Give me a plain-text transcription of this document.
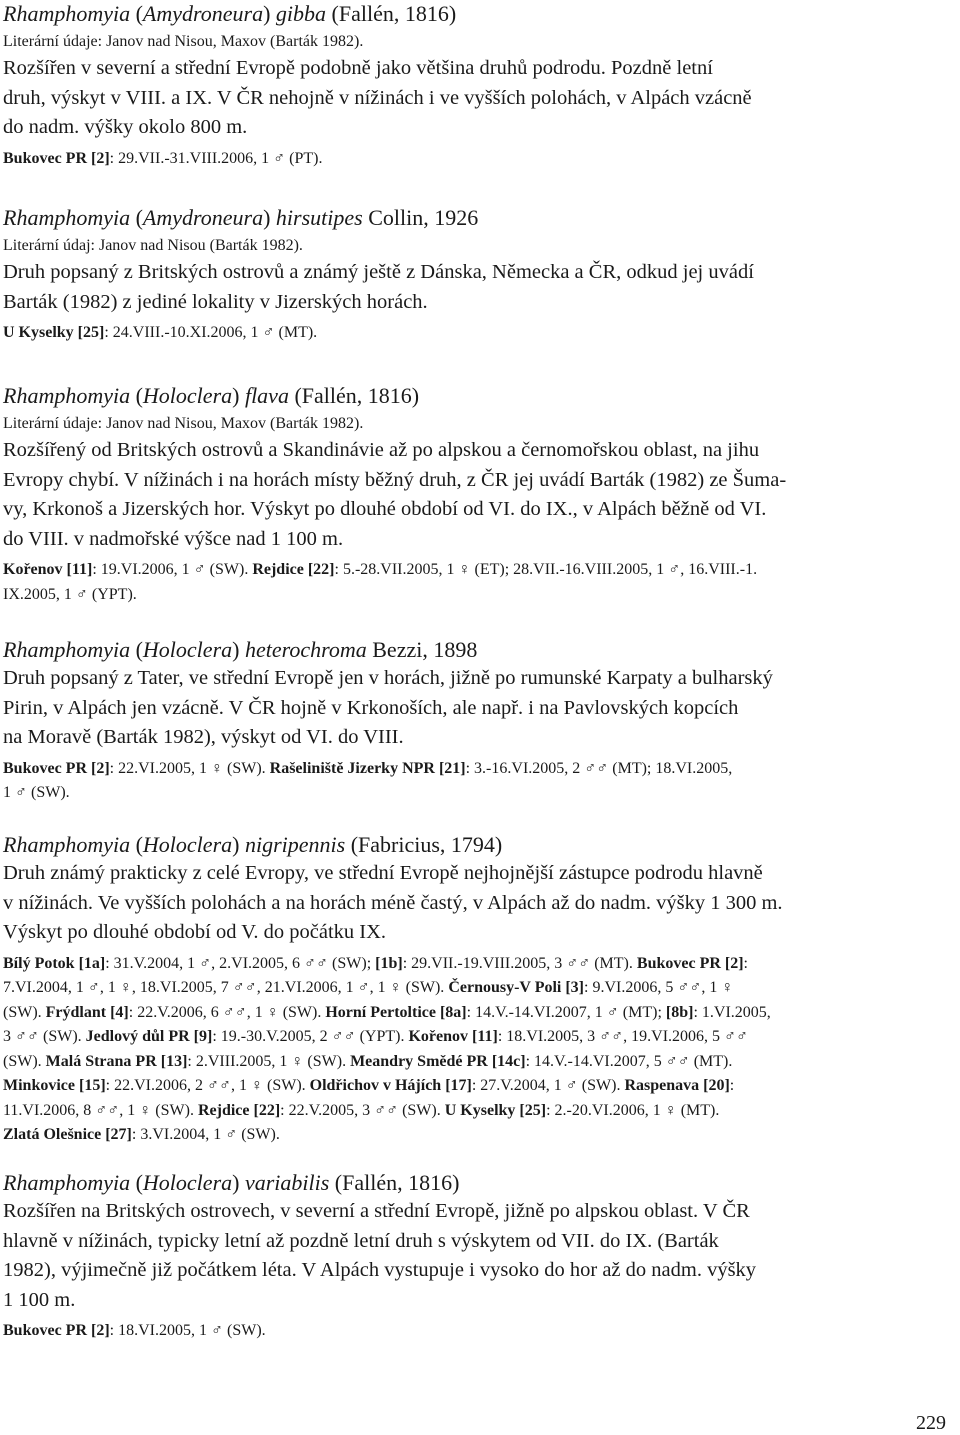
Rhamphomyia (Amydroneura) gibba (Fallén, 1816)
Literární údaje: Janov nad Nisou, Maxov (Barták 1982).
Rozšířen v severní a střední Evropě podobně jako většina druhů podrodu. Pozdně letní
druh, výskyt v VIII. a IX. V ČR nehojně v nížinách i ve vyšších polohách, v Alpách vzácně
do nadm. výšky okolo 800 m.
Bukovec PR [2]: 29.VII.-31.VIII.2006, 1 ♂ (PT).
Rhamphomyia (Amydroneura) hirsutipes Collin, 1926
Literární údaj: Janov nad Nisou (Barták 1982).
Druh popsaný z Britských ostrovů a známý ještě z Dánska, Německa a ČR, odkud jej uvádí
Barták (1982) z jediné lokality v Jizerských horách.
U Kyselky [25]: 24.VIII.-10.XI.2006, 1 ♂ (MT).
Rhamphomyia (Holoclera) flava (Fallén, 1816)
Literární údaje: Janov nad Nisou, Maxov (Barták 1982).
Rozšířený od Britských ostrovů a Skandinávie až po alpskou a černomořskou oblast, na jihu
Evropy chybí. V nížinách i na horách místy běžný druh, z ČR jej uvádí Barták (1982) ze Šuma-
vy, Krkonoš a Jizerských hor. Výskyt po dlouhé období od VI. do IX., v Alpách běžně od VI.
do VIII. v nadmořské výšce nad 1 100 m.
Kořenov [11]: 19.VI.2006, 1 ♂ (SW). Rejdice [22]: 5.-28.VII.2005, 1 ♀ (ET); 28.VII.-16.VIII.2005, 1 ♂, 16.VIII.-1.
IX.2005, 1 ♂ (YPT).
Rhamphomyia (Holoclera) heterochroma Bezzi, 1898
Druh popsaný z Tater, ve střední Evropě jen v horách, jižně po rumunské Karpaty a bulharský
Pirin, v Alpách jen vzácně. V ČR hojně v Krkonoších, ale např. i na Pavlovských kopcích
na Moravě (Barták 1982), výskyt od VI. do VIII.
Bukovec PR [2]: 22.VI.2005, 1 ♀ (SW). Rašeliniště Jizerky NPR [21]: 3.-16.VI.2005, 2 ♂♂ (MT); 18.VI.2005,
1 ♂ (SW).
Rhamphomyia (Holoclera) nigripennis (Fabricius, 1794)
Druh známý prakticky z celé Evropy, ve střední Evropě nejhojnější zástupce podrodu hlavně
v nížinách. Ve vyšších polohách a na horách méně častý, v Alpách až do nadm. výšky 1 300 m.
Výskyt po dlouhé období od V. do počátku IX.
Bílý Potok [1a]: 31.V.2004, 1 ♂, 2.VI.2005, 6 ♂♂ (SW); [1b]: 29.VII.-19.VIII.2005, 3 ♂♂ (MT). Bukovec PR [2]:
7.VI.2004, 1 ♂, 1 ♀, 18.VI.2005, 7 ♂♂, 21.VI.2006, 1 ♂, 1 ♀ (SW). Černousy-V Poli [3]: 9.VI.2006, 5 ♂♂, 1 ♀
(SW). Frýdlant [4]: 22.V.2006, 6 ♂♂, 1 ♀ (SW). Horní Pertoltice [8a]: 14.V.-14.VI.2007, 1 ♂ (MT); [8b]: 1.VI.2005,
3 ♂♂ (SW). Jedlový důl PR [9]: 19.-30.V.2005, 2 ♂♂ (YPT). Kořenov [11]: 18.VI.2005, 3 ♂♂, 19.VI.2006, 5 ♂♂
(SW). Malá Strana PR [13]: 2.VIII.2005, 1 ♀ (SW). Meandry Smědé PR [14c]: 14.V.-14.VI.2007, 5 ♂♂ (MT).
Minkovice [15]: 22.VI.2006, 2 ♂♂, 1 ♀ (SW). Oldřichov v Hájích [17]: 27.V.2004, 1 ♂ (SW). Raspenava [20]:
11.VI.2006, 8 ♂♂, 1 ♀ (SW). Rejdice [22]: 22.V.2005, 3 ♂♂ (SW). U Kyselky [25]: 2.-20.VI.2006, 1 ♀ (MT).
Zlatá Olešnice [27]: 3.VI.2004, 1 ♂ (SW).
Rhamphomyia (Holoclera) variabilis (Fallén, 1816)
Rozšířen na Britských ostrovech, v severní a střední Evropě, jižně po alpskou oblast. V ČR
hlavně v nížinách, typicky letní až pozdně letní druh s výskytem od VII. do IX. (Barták
1982), výjimečně již počátkem léta. V Alpách vystupuje i vysoko do hor až do nadm. výšky
1 100 m.
Bukovec PR [2]: 18.VI.2005, 1 ♂ (SW).
229
